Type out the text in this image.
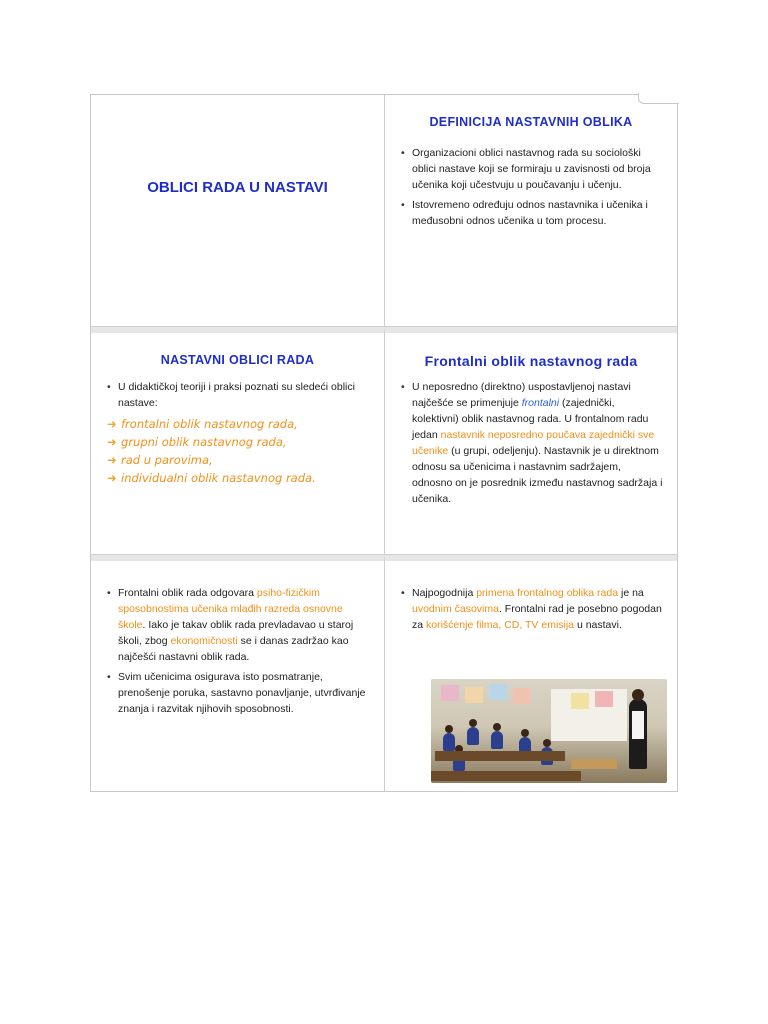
OBLICI RADA U NASTAVI
DEFINICIJA NASTAVNIH OBLIKA
• Organizacioni oblici nastavnog rada su sociološki oblici nastave koji se formiraju u zavisnosti od broja učenika koji učestvuju u poučavanju i učenju.
• Istovremeno određuju odnos nastavnika i učenika i međusobni odnos učenika u tom procesu.
NASTAVNI OBLICI RADA
• U didaktičkoj teoriji i praksi poznati su sledeći oblici nastave:
➜ frontalni oblik nastavnog rada,
➜ grupni oblik nastavnog rada,
➜ rad u parovima,
➜ individualni oblik nastavnog rada.
Frontalni oblik nastavnog rada
• U neposredno (direktno) uspostavljenoj nastavi najčešće se primenjuje frontalni (zajednički, kolektivni) oblik nastavnog rada. U frontalnom radu jedan nastavnik neposredno poučava zajednički sve učenike (u grupi, odeljenju). Nastavnik je u direktnom odnosu sa učenicima i nastavnim sadržajem, odnosno on je posrednik između nastavnog sadržaja i učenika.
• Frontalni oblik rada odgovara psiho-fizičkim sposobnostima učenika mlađih razreda osnovne škole. Iako je takav oblik rada prevladavao u staroj školi, zbog ekonomičnosti se i danas zadržao kao najčešći nastavni oblik rada.
• Svim učenicima osigurava isto posmatranje, prenošenje poruka, sastavno ponavljanje, utvrđivanje znanja i razvitak njihovih sposobnosti.
• Najpogodnija primena frontalnog oblika rada je na uvodnim časovima. Frontalni rad je posebno pogodan za korišćenje filma, CD, TV emisija u nastavi.
